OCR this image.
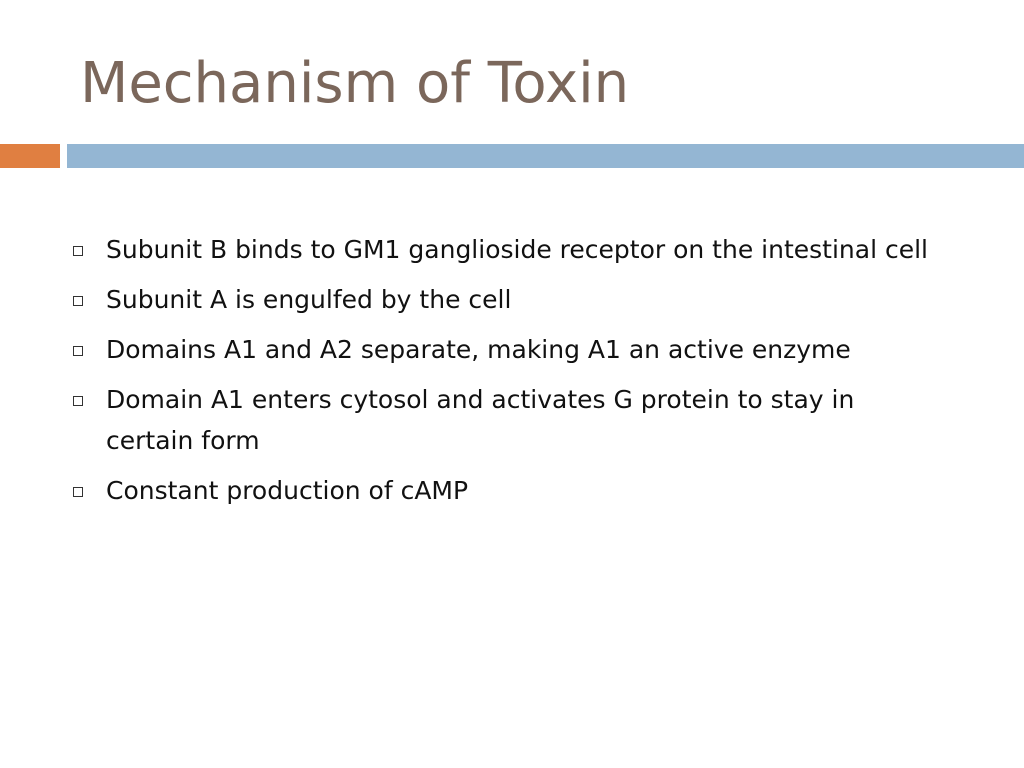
Mechanism of Toxin
Subunit B binds to GM1 ganglioside receptor on the intestinal cell
Subunit A is engulfed by the cell
Domains A1 and A2 separate, making A1 an active enzyme
Domain A1 enters cytosol and activates G protein to stay in certain form
Constant production of cAMP
